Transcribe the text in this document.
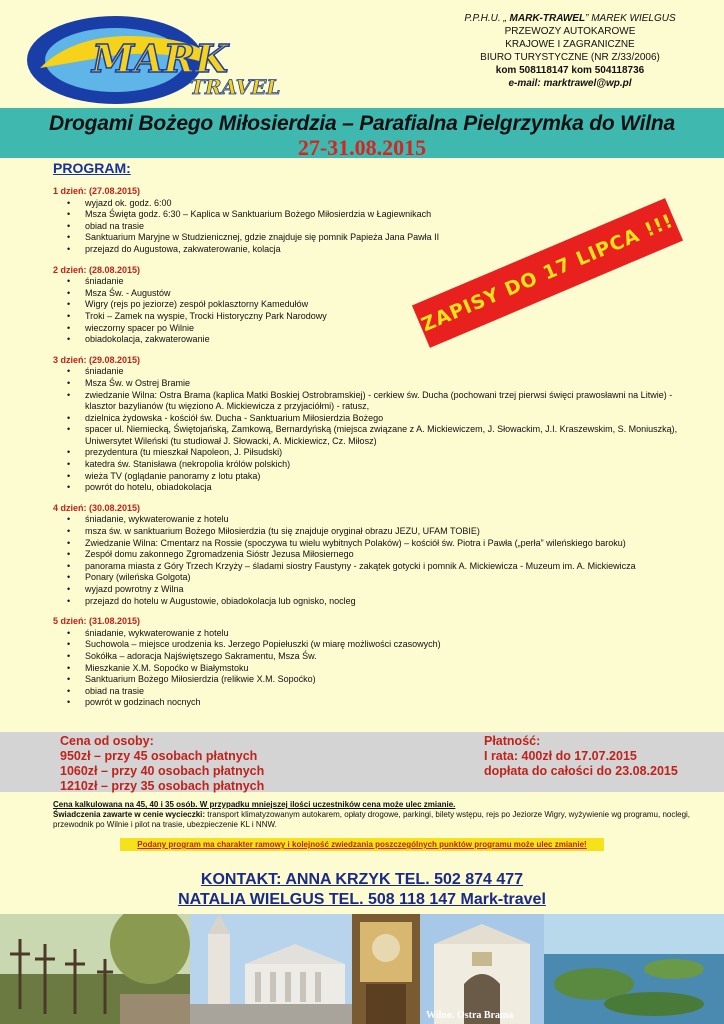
MARK
TRAVEL
P.P.H.U. „ MARK-TRAWEL” MAREK WIELGUS
PRZEWOZY AUTOKAROWE
KRAJOWE I ZAGRANICZNE
BIURO TURYSTYCZNE (NR Z/33/2006)
kom 508118147 kom 504118736
e-mail: marktrawel@wp.pl
Drogami Bożego Miłosierdzia – Parafialna Pielgrzymka do Wilna
27-31.08.2015
PROGRAM:
1 dzień: (27.08.2015)
• wyjazd ok. godz. 6:00
• Msza Święta godz. 6:30 – Kaplica w Sanktuarium Bożego Miłosierdzia w Łagiewnikach
• obiad na trasie
• Sanktuarium Maryjne w Studzienicznej, gdzie znajduje się pomnik Papieża Jana Pawła II
• przejazd do Augustowa, zakwaterowanie, kolacja
2 dzień: (28.08.2015)
• śniadanie
• Msza Św. - Augustów
• Wigry (rejs po jeziorze) zespół poklasztorny Kamedułów
• Troki – Zamek na wyspie, Trocki Historyczny Park Narodowy
• wieczorny spacer po Wilnie
• obiadokolacja, zakwaterowanie
3 dzień: (29.08.2015)
• śniadanie
• Msza Św. w Ostrej Bramie
• zwiedzanie Wilna: Ostra Brama (kaplica Matki Boskiej Ostrobramskiej) - cerkiew św. Ducha (pochowani trzej pierwsi święci prawosławni na Litwie) - klasztor bazylianów (tu więziono A. Mickiewicza z przyjaciółmi) - ratusz,
• dzielnica żydowska - kościół św. Ducha - Sanktuarium Miłosierdzia Bożego
• spacer ul. Niemiecką, Świętojańską, Zamkową, Bernardyńską (miejsca związane z A. Mickiewiczem, J. Słowackim, J.I. Kraszewskim, S. Moniuszką), Uniwersytet Wileński (tu studiował J. Słowacki, A. Mickiewicz, Cz. Miłosz)
• prezydentura (tu mieszkał Napoleon, J. Piłsudski)
• katedra św. Stanisława (nekropolia królów polskich)
• wieża TV (oglądanie panoramy z lotu ptaka)
• powrót do hotelu, obiadokolacja
4 dzień: (30.08.2015)
• śniadanie, wykwaterowanie z hotelu
• msza św. w sanktuarium Bożego Miłosierdzia (tu się znajduje oryginał obrazu JEZU, UFAM TOBIE)
• Zwiedzanie Wilna: Cmentarz na Rossie (spoczywa tu wielu wybitnych Polaków) – kościół św. Piotra i Pawła („perła” wileńskiego baroku)
• Zespół domu zakonnego Zgromadzenia Sióstr Jezusa Miłosiernego
• panorama miasta z Góry Trzech Krzyży – śladami siostry Faustyny - zakątek gotycki i pomnik A. Mickiewicza - Muzeum im. A. Mickiewicza
• Ponary (wileńska Golgota)
• wyjazd powrotny z Wilna
• przejazd do hotelu w Augustowie, obiadokolacja lub ognisko, nocleg
5 dzień: (31.08.2015)
• śniadanie, wykwaterowanie z hotelu
• Suchowola – miejsce urodzenia ks. Jerzego Popiełuszki (w miarę możliwości czasowych)
• Sokółka – adoracja Najświętszego Sakramentu, Msza Św.
• Mieszkanie X.M. Sopoćko w Białymstoku
• Sanktuarium Bożego Miłosierdzia (relikwie X.M. Sopoćko)
• obiad na trasie
• powrót w godzinach nocnych
ZAPISY DO 17 LIPCA !!!
Cena od osoby:
950zł – przy 45 osobach płatnych
1060zł – przy 40 osobach płatnych
1210zł – przy 35 osobach płatnych
Płatność:
I rata: 400zł do 17.07.2015
dopłata do całości do 23.08.2015
Cena kalkulowana na 45, 40 i 35 osób. W przypadku mniejszej ilości uczestników cena może ulec zmianie.
Świadczenia zawarte w cenie wycieczki: transport klimatyzowanym autokarem, opłaty drogowe, parkingi, bilety wstępu, rejs po Jeziorze Wigry, wyżywienie wg programu, noclegi, przewodnik po Wilnie i pilot na trasie, ubezpieczenie KL i NNW.
Podany program ma charakter ramowy i kolejność zwiedzania poszczególnych punktów programu może ulec zmianie!
KONTAKT: ANNA KRZYK TEL. 502 874 477
NATALIA WIELGUS TEL. 508 118 147 Mark-travel
Wilno. Ostra Brama
